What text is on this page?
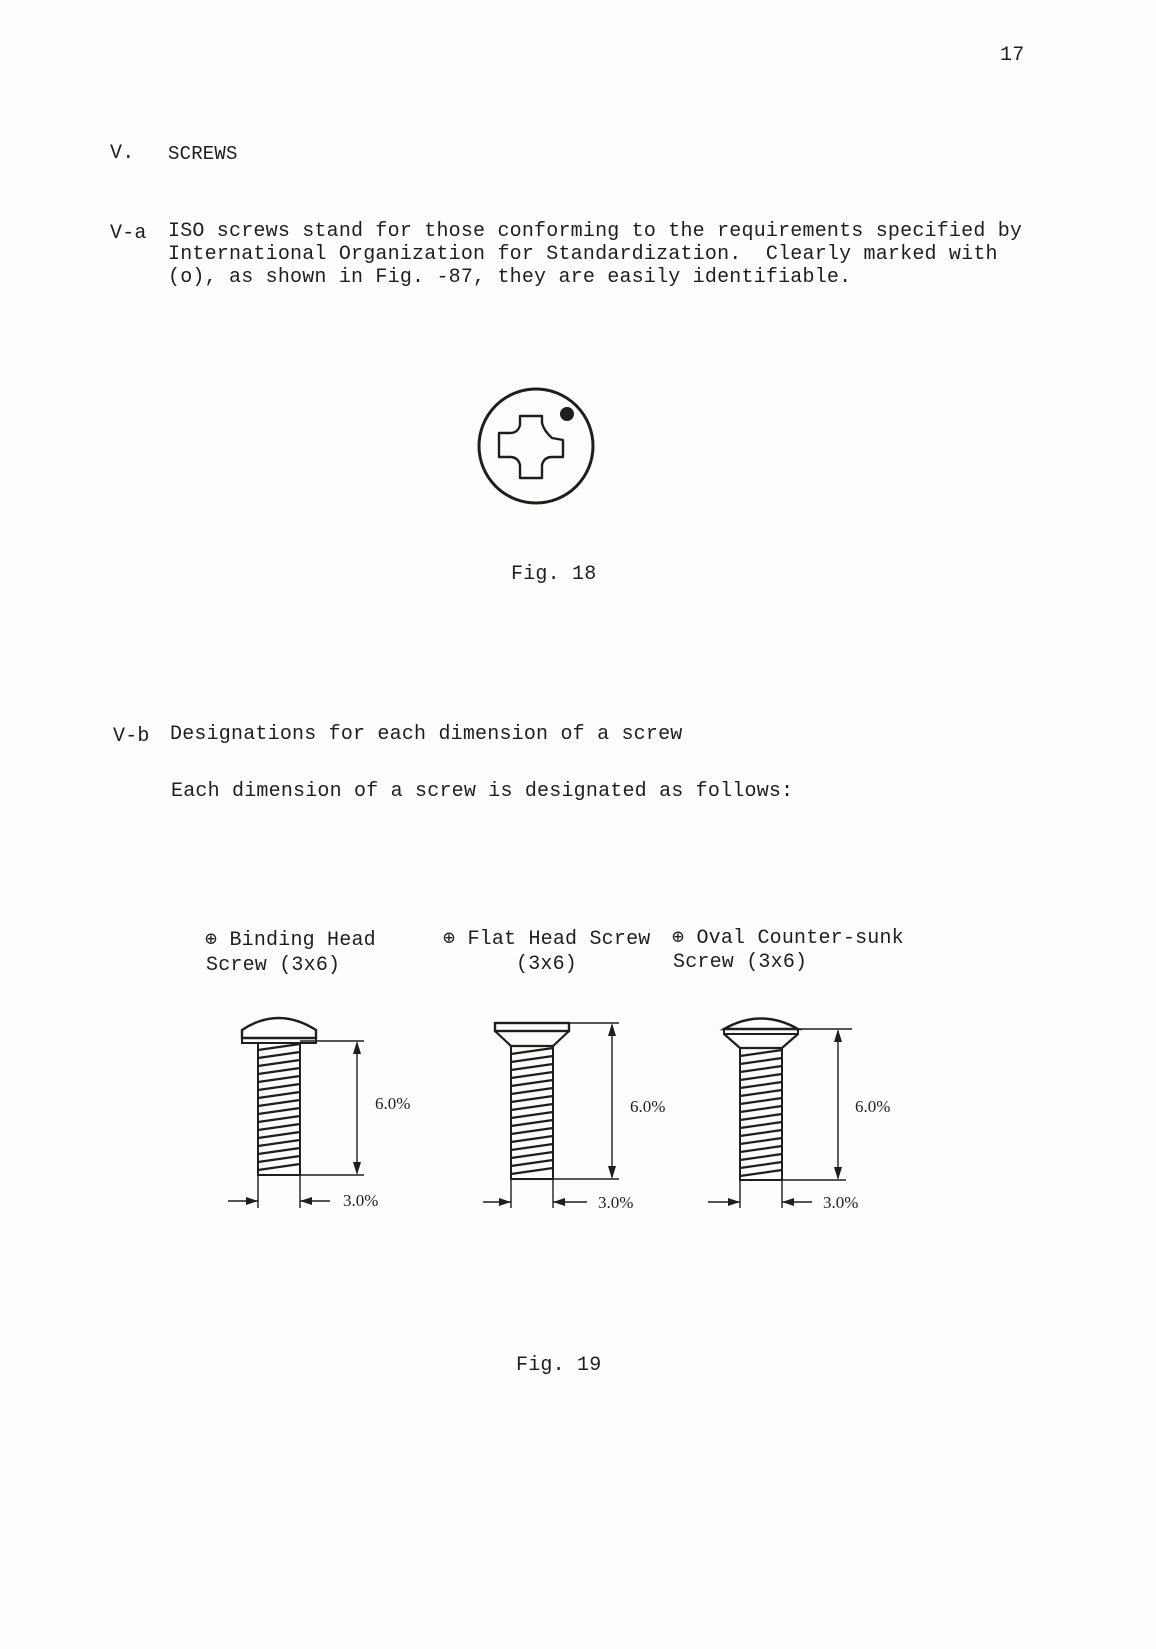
17
V. SCREWS
V-a ISO screws stand for those conforming to the requirements specified by
International Organization for Standardization.  Clearly marked with
(o), as shown in Fig. -87, they are easily identifiable.
Fig. 18
V-b Designations for each dimension of a screw
Each dimension of a screw is designated as follows:
⊕ Binding Head
Screw (3x6)
⊕ Flat Head Screw
(3x6)
⊕ Oval Counter-sunk
Screw (3x6)
6.0%
3.0%
6.0%
3.0%
6.0%
3.0%
Fig. 19
